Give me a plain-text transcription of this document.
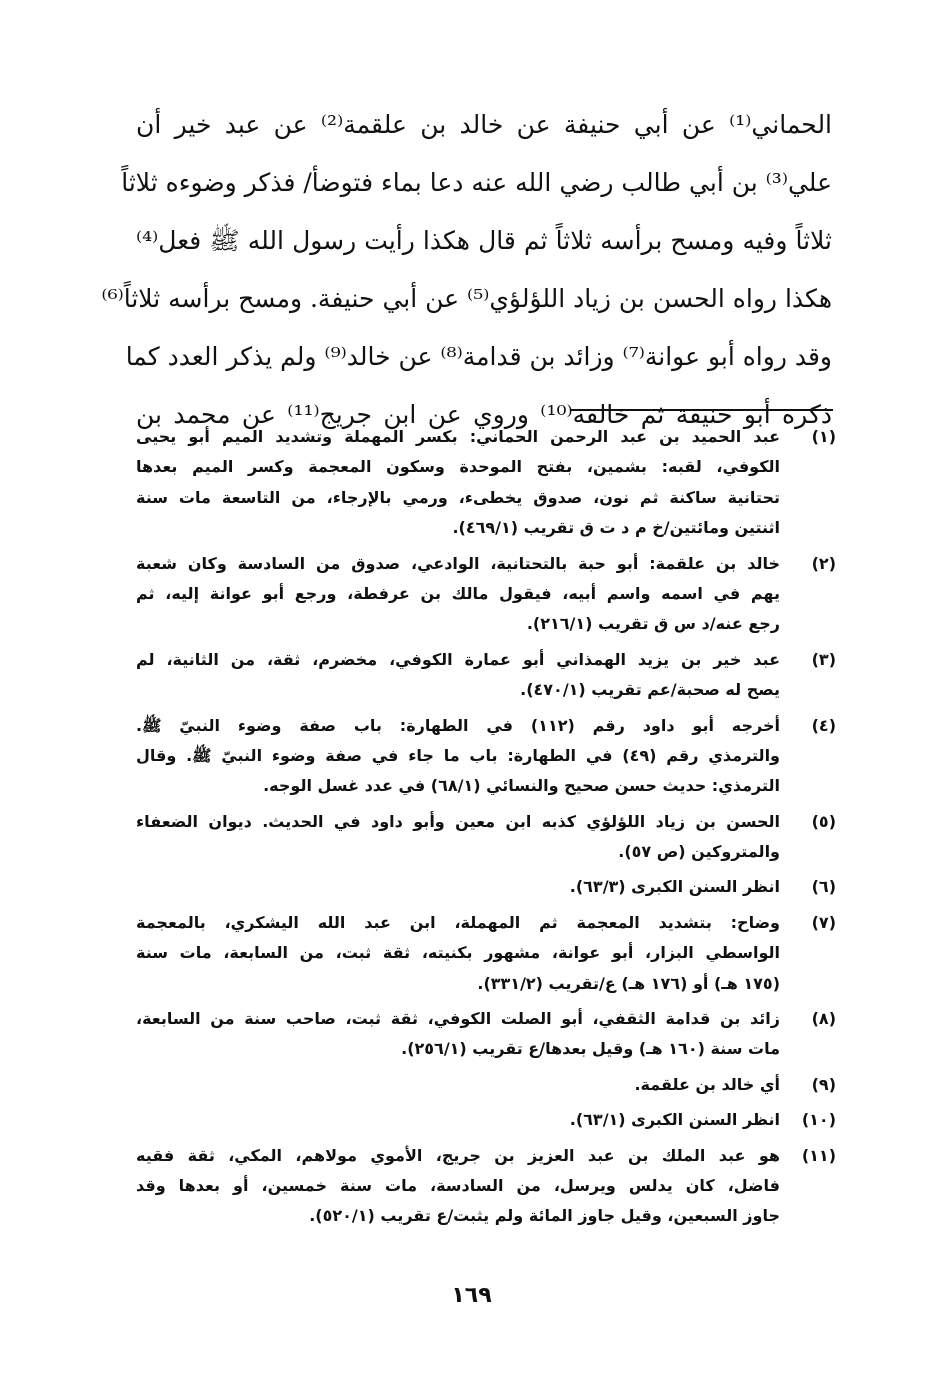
الحماني⁽¹⁾ عن أبي حنيفة عن خالد بن علقمة⁽²⁾ عن عبد خير أن
علي⁽³⁾ بن أبي طالب رضي الله عنه دعا بماء فتوضأ/ فذكر وضوءه ثلاثاً
ثلاثاً وفيه ومسح برأسه ثلاثاً ثم قال هكذا رأيت رسول الله ﷺ فعل⁽⁴⁾
هكذا رواه الحسن بن زياد اللؤلؤي⁽⁵⁾ عن أبي حنيفة. ومسح برأسه ثلاثاً⁽⁶⁾
وقد رواه أبو عوانة⁽⁷⁾ وزائد بن قدامة⁽⁸⁾ عن خالد⁽⁹⁾ ولم يذكر العدد كما
ذكره أبو حنيفة ثم خالفه⁽¹⁰⁾ وروي عن ابن جريج⁽¹¹⁾ عن محمد بن
(١)
عبد الحميد بن عبد الرحمن الحماني: بكسر المهملة وتشديد الميم أبو يحيى
الكوفي، لقبه: بشمين، بفتح الموحدة وسكون المعجمة وكسر الميم بعدها
تحتانية ساكنة ثم نون، صدوق يخطىء، ورمي بالإرجاء، من التاسعة مات سنة
اثنتين ومائتين/خ م د ت ق تقريب (٤٦٩/١).
(٢)
خالد بن علقمة: أبو حبة بالتحتانية، الوادعي، صدوق من السادسة وكان شعبة
يهم في اسمه واسم أبيه، فيقول مالك بن عرفطة، ورجع أبو عوانة إليه، ثم
رجع عنه/د س ق تقريب (٢١٦/١).
(٣)
عبد خير بن يزيد الهمذاني أبو عمارة الكوفي، مخضرم، ثقة، من الثانية، لم
يصح له صحبة/عم تقريب (٤٧٠/١).
(٤)
أخرجه أبو داود رقم (١١٢) في الطهارة: باب صفة وضوء النبيّ ﷺ.
والترمذي رقم (٤٩) في الطهارة: باب ما جاء في صفة وضوء النبيّ ﷺ. وقال
الترمذي: حديث حسن صحيح والنسائي (٦٨/١) في عدد غسل الوجه.
(٥)
الحسن بن زياد اللؤلؤي كذبه ابن معين وأبو داود في الحديث. ديوان الضعفاء
والمتروكين (ص ٥٧).
(٦)
انظر السنن الكبرى (٦٣/٣).
(٧)
وضاح: بتشديد المعجمة ثم المهملة، ابن عبد الله اليشكري، بالمعجمة
الواسطي البزار، أبو عوانة، مشهور بكنيته، ثقة ثبت، من السابعة، مات سنة
(١٧٥ هـ) أو (١٧٦ هـ) ع/تقريب (٣٣١/٢).
(٨)
زائد بن قدامة الثقفي، أبو الصلت الكوفي، ثقة ثبت، صاحب سنة من السابعة،
مات سنة (١٦٠ هـ) وقيل بعدها/ع تقريب (٢٥٦/١).
(٩)
أي خالد بن علقمة.
(١٠)
انظر السنن الكبرى (٦٣/١).
(١١)
هو عبد الملك بن عبد العزيز بن جريج، الأموي مولاهم، المكي، ثقة فقيه
فاضل، كان يدلس ويرسل، من السادسة، مات سنة خمسين، أو بعدها وقد
جاوز السبعين، وقيل جاوز المائة ولم يثبت/ع تقريب (٥٢٠/١).
١٦٩
